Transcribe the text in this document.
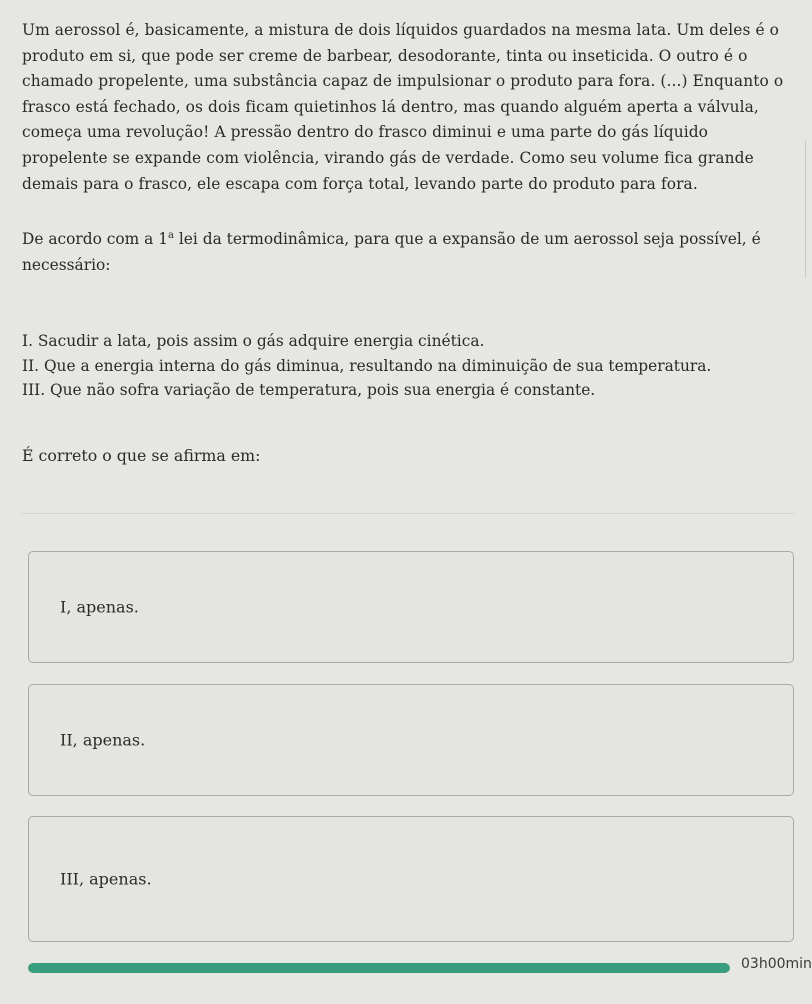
Um aerossol é, basicamente, a mistura de dois líquidos guardados na mesma lata. Um deles é o produto em si, que pode ser creme de barbear, desodorante, tinta ou inseticida. O outro é o chamado propelente, uma substância capaz de impulsionar o produto para fora. (...) Enquanto o frasco está fechado, os dois ficam quietinhos lá dentro, mas quando alguém aperta a válvula, começa uma revolução! A pressão dentro do frasco diminui e uma parte do gás líquido propelente se expande com violência, virando gás de verdade. Como seu volume fica grande demais para o frasco, ele escapa com força total, levando parte do produto para fora.

De acordo com a 1$^a$ lei da termodinâmica, para que a expansão de um aerossol seja possível, é necessário:

I. Sacudir a lata, pois assim o gás adquire energia cinética.

II. Que a energia interna do gás diminua, resultando na diminuição de sua temperatura.

III. Que não sofra variação de temperatura, pois sua energia é constante.

É correto o que se afirma em:
I, apenas.
II, apenas.
III, apenas.
03h00min
